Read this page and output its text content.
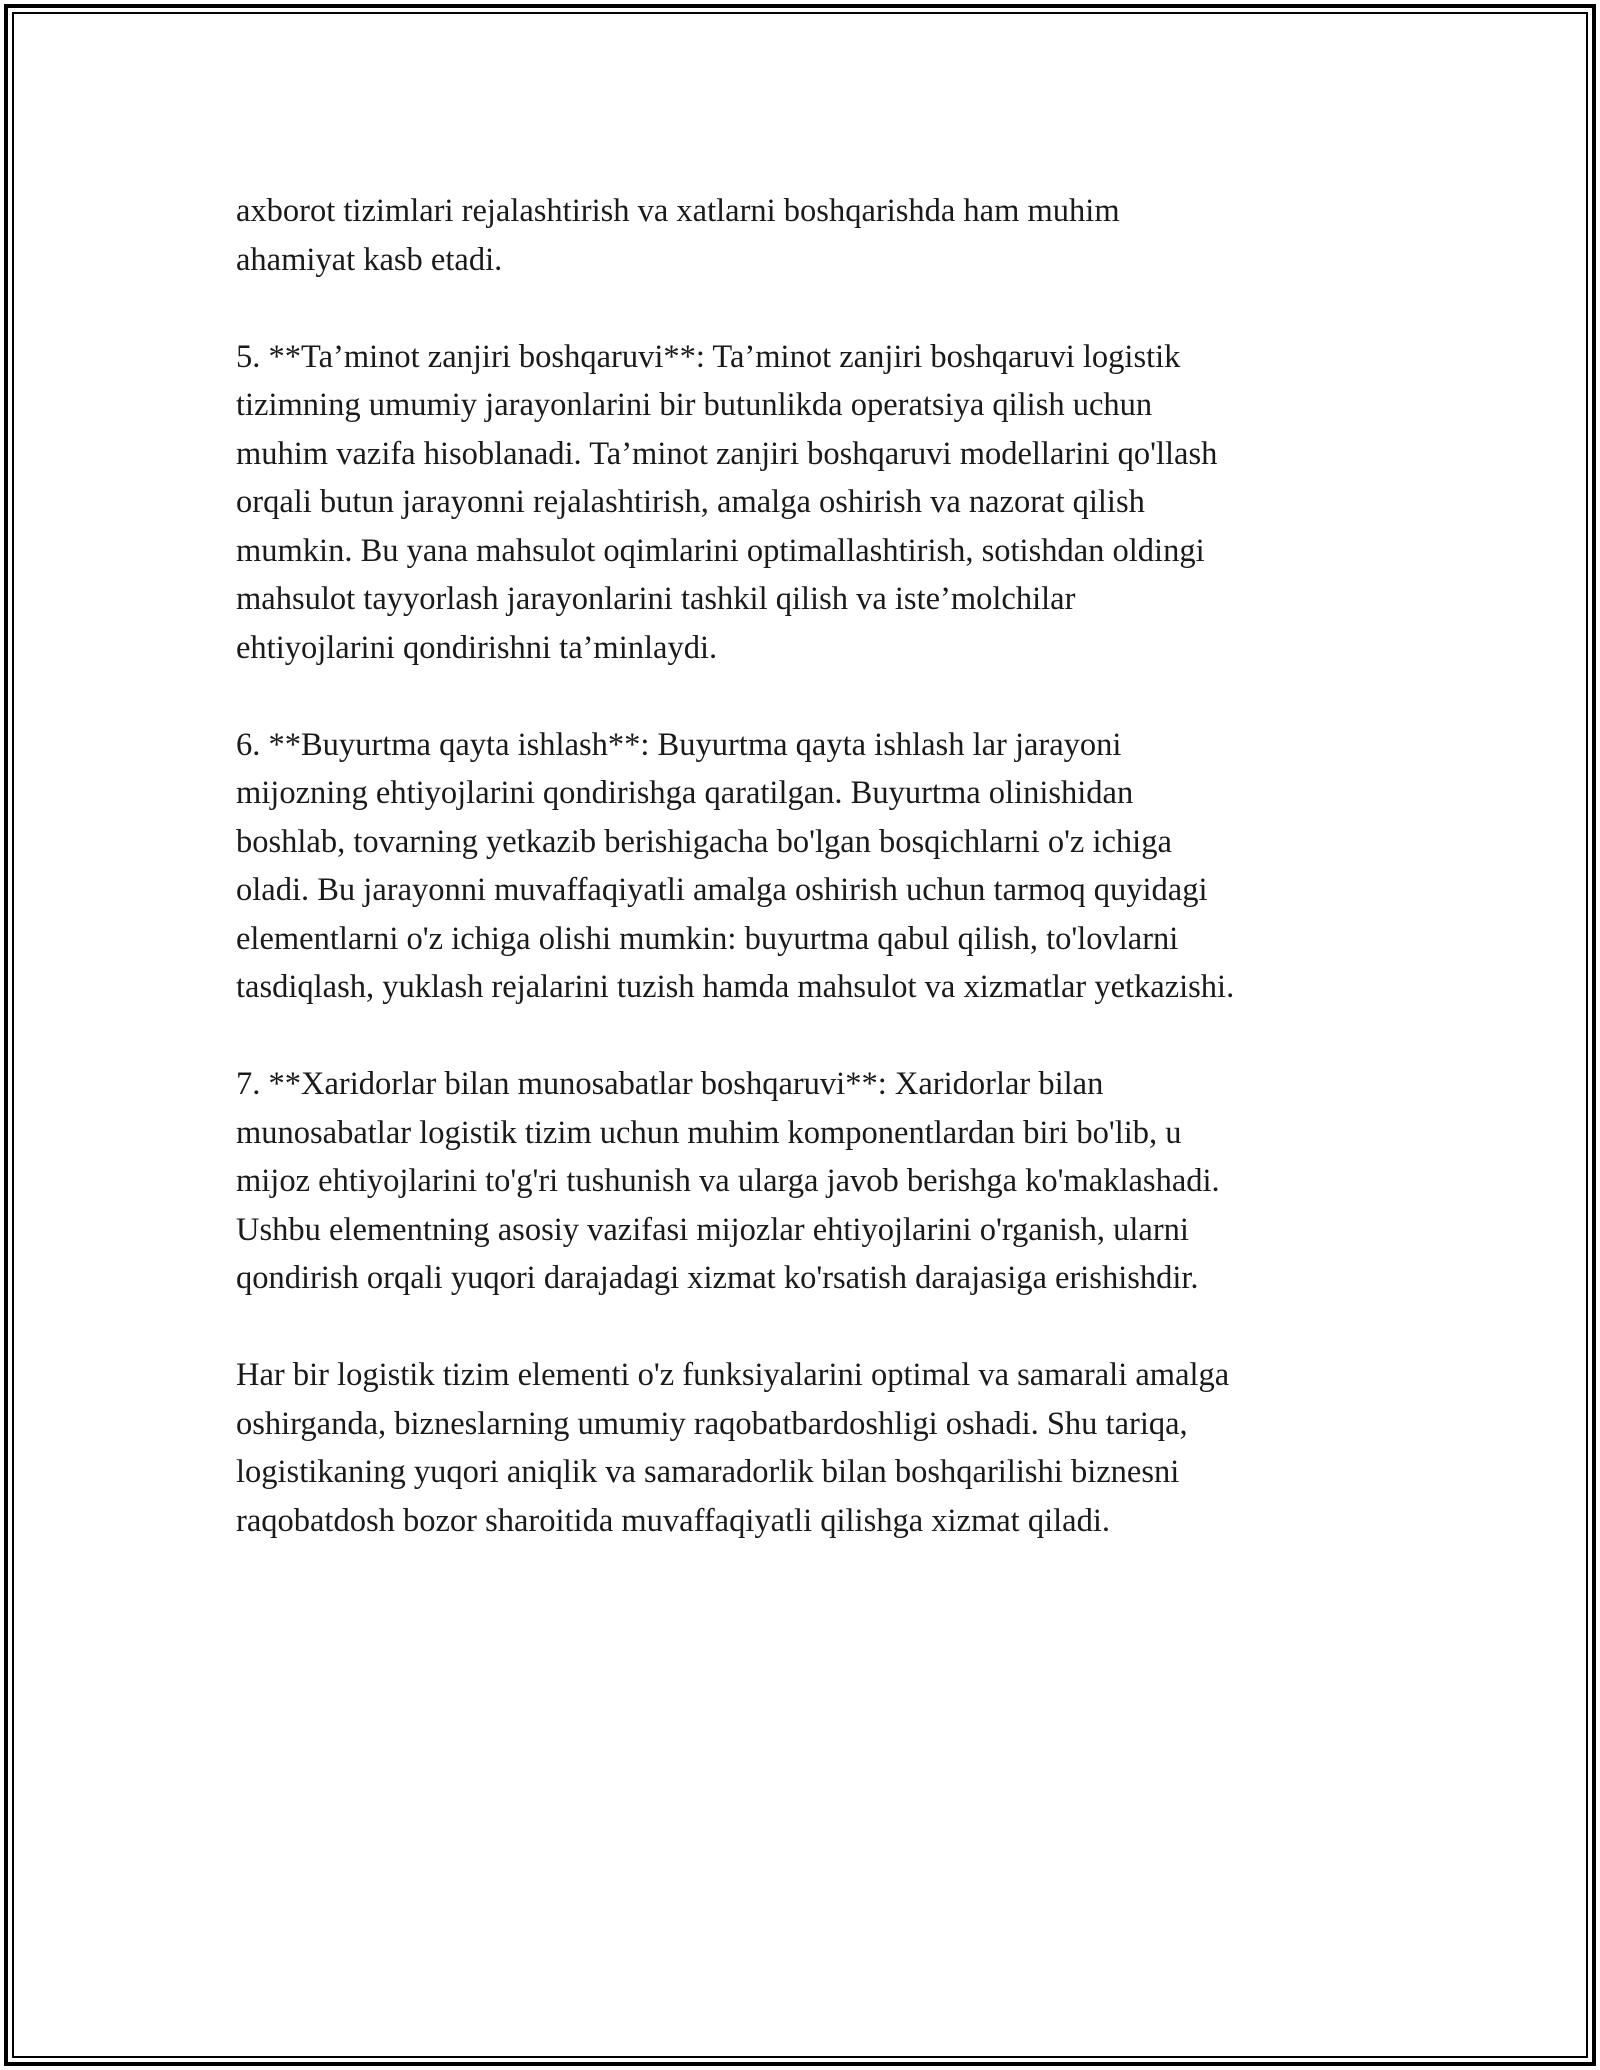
axborot tizimlari rejalashtirish va xatlarni boshqarishda ham muhim
ahamiyat kasb etadi.

5. **Ta’minot zanjiri boshqaruvi**: Ta’minot zanjiri boshqaruvi logistik
tizimning umumiy jarayonlarini bir butunlikda operatsiya qilish uchun
muhim vazifa hisoblanadi. Ta’minot zanjiri boshqaruvi modellarini qo'llash
orqali butun jarayonni rejalashtirish, amalga oshirish va nazorat qilish
mumkin. Bu yana mahsulot oqimlarini optimallashtirish, sotishdan oldingi
mahsulot tayyorlash jarayonlarini tashkil qilish va iste’molchilar
ehtiyojlarini qondirishni ta’minlaydi.

6. **Buyurtma qayta ishlash**: Buyurtma qayta ishlash lar jarayoni
mijozning ehtiyojlarini qondirishga qaratilgan. Buyurtma olinishidan
boshlab, tovarning yetkazib berishigacha bo'lgan bosqichlarni o'z ichiga
oladi. Bu jarayonni muvaffaqiyatli amalga oshirish uchun tarmoq quyidagi
elementlarni o'z ichiga olishi mumkin: buyurtma qabul qilish, to'lovlarni
tasdiqlash, yuklash rejalarini tuzish hamda mahsulot va xizmatlar yetkazishi.

7. **Xaridorlar bilan munosabatlar boshqaruvi**: Xaridorlar bilan
munosabatlar logistik tizim uchun muhim komponentlardan biri bo'lib, u
mijoz ehtiyojlarini to'g'ri tushunish va ularga javob berishga ko'maklashadi.
Ushbu elementning asosiy vazifasi mijozlar ehtiyojlarini o'rganish, ularni
qondirish orqali yuqori darajadagi xizmat ko'rsatish darajasiga erishishdir.

Har bir logistik tizim elementi o'z funksiyalarini optimal va samarali amalga
oshirganda, bizneslarning umumiy raqobatbardoshligi oshadi. Shu tariqa,
logistikaning yuqori aniqlik va samaradorlik bilan boshqarilishi biznesni
raqobatdosh bozor sharoitida muvaffaqiyatli qilishga xizmat qiladi.
